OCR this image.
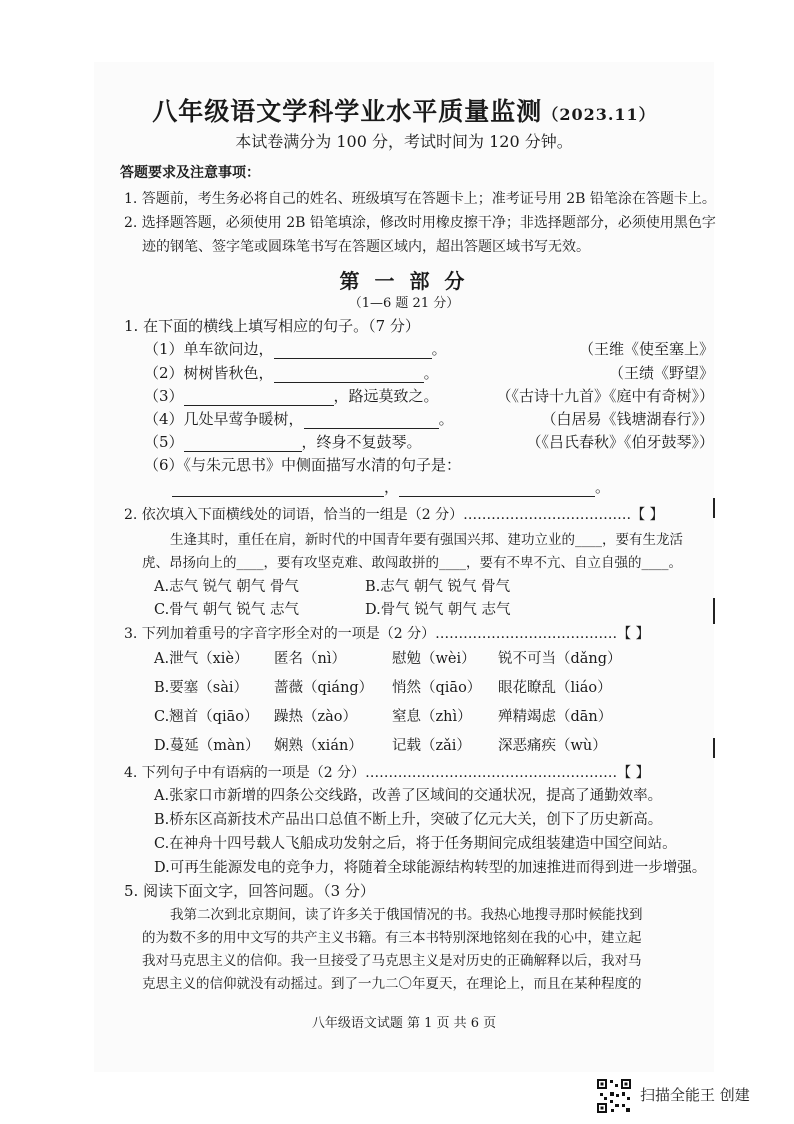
八年级语文学科学业水平质量监测（2023.11）
本试卷满分为 100 分，考试时间为 120 分钟。
答题要求及注意事项：
1. 答题前，考生务必将自己的姓名、班级填写在答题卡上；准考证号用 2B 铅笔涂在答题卡上。
2. 选择题答题，必须使用 2B 铅笔填涂，修改时用橡皮擦干净；非选择题部分，必须使用黑色字
迹的钢笔、签字笔或圆珠笔书写在答题区域内，超出答题区域书写无效。
第 一 部 分
（1—6 题 21 分）
1. 在下面的横线上填写相应的句子。（7 分）
（1）单车欲问边，	。	（王维《使至塞上》
（2）树树皆秋色，	。	（王绩《野望》
（3）	，路远莫致之。	（《古诗十九首》《庭中有奇树》）
（4）几处早莺争暖树，	。	（白居易《钱塘湖春行》）
（5）	，终身不复鼓琴。	（《吕氏春秋》《伯牙鼓琴》）
（6）《与朱元思书》中侧面描写水清的句子是：
，	。
2. 依次填入下面横线处的词语，恰当的一组是（2 分）………………………………【 】
生逢其时，重任在肩，新时代的中国青年要有强国兴邦、建功立业的____，要有生龙活
虎、昂扬向上的____，要有攻坚克难、敢闯敢拼的____，要有不卑不亢、自立自强的____。
A.志气 锐气 朝气 骨气	B.志气 朝气 锐气 骨气
C.骨气 朝气 锐气 志气	D.骨气 锐气 朝气 志气
3. 下列加着重号的字音字形全对的一项是（2 分）…………………………………【 】
A.泄气（xiè） 匿名（nì）	慰勉（wèi） 锐不可当（dǎng）
B.要塞（sài） 蔷薇（qiáng） 悄然（qiāo） 眼花瞭乱（liáo）
C.翘首（qiāo） 躁热（zào） 窒息（zhì） 殚精竭虑（dān）
D.蔓延（màn） 娴熟（xián） 记载（zǎi） 深恶痛疾（wù）
4. 下列句子中有语病的一项是（2 分）………………………………………………【 】
A.张家口市新增的四条公交线路，改善了区域间的交通状况，提高了通勤效率。
B.桥东区高新技术产品出口总值不断上升，突破了亿元大关，创下了历史新高。
C.在神舟十四号载人飞船成功发射之后，将于任务期间完成组装建造中国空间站。
D.可再生能源发电的竞争力，将随着全球能源结构转型的加速推进而得到进一步增强。
5. 阅读下面文字，回答问题。（3 分）
我第二次到北京期间，读了许多关于俄国情况的书。我热心地搜寻那时候能找到
的为数不多的用中文写的共产主义书籍。有三本书特别深地铭刻在我的心中，建立起
我对马克思主义的信仰。我一旦接受了马克思主义是对历史的正确解释以后，我对马
克思主义的信仰就没有动摇过。到了一九二〇年夏天，在理论上，而且在某种程度的
八年级语文试题 第 1 页 共 6 页
扫描全能王 创建
